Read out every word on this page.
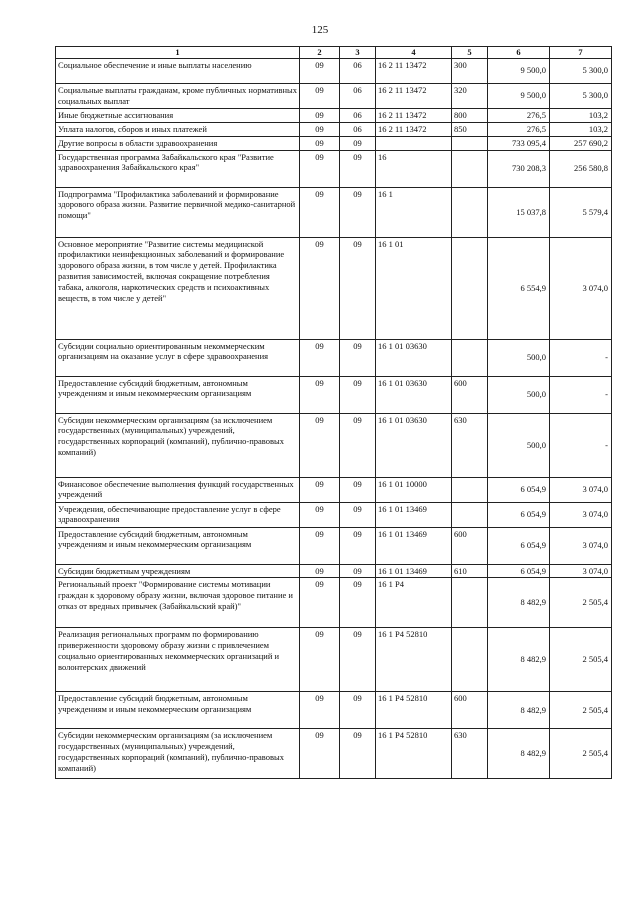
125
1	2	3	4	5	6	7
Социальное обеспечение и иные выплаты населению	09	06	16 2 11 13472	300	9 500,0	5 300,0
Социальные выплаты гражданам, кроме публичных нормативных социальных выплат	09	06	16 2 11 13472	320	9 500,0	5 300,0
Иные бюджетные ассигнования	09	06	16 2 11 13472	800	276,5	103,2
Уплата налогов, сборов и иных платежей	09	06	16 2 11 13472	850	276,5	103,2
Другие вопросы в области здравоохранения	09	09			733 095,4	257 690,2
Государственная программа Забайкальского края "Развитие здравоохранения Забайкальского края"	09	09	16		730 208,3	256 580,8
Подпрограмма "Профилактика заболеваний и формирование здорового образа жизни. Развитие первичной медико-санитарной помощи"	09	09	16 1		15 037,8	5 579,4
Основное мероприятие "Развитие системы медицинской профилактики неинфекционных заболеваний и формирование здорового образа жизни, в том числе у детей. Профилактика развития зависимостей, включая сокращение потребления табака, алкоголя, наркотических средств и психоактивных веществ, в том числе у детей"	09	09	16 1 01		6 554,9	3 074,0
Субсидии социально ориентированным некоммерческим организациям на оказание услуг в сфере здравоохранения	09	09	16 1 01 03630		500,0	-
Предоставление субсидий бюджетным, автономным учреждениям и иным некоммерческим организациям	09	09	16 1 01 03630	600	500,0	-
Субсидии некоммерческим организациям (за исключением государственных (муниципальных) учреждений, государственных корпораций (компаний), публично-правовых компаний)	09	09	16 1 01 03630	630	500,0	-
Финансовое обеспечение выполнения функций государственных учреждений	09	09	16 1 01 10000		6 054,9	3 074,0
Учреждения, обеспечивающие предоставление услуг в сфере здравоохранения	09	09	16 1 01 13469		6 054,9	3 074,0
Предоставление субсидий бюджетным, автономным учреждениям и иным некоммерческим организациям	09	09	16 1 01 13469	600	6 054,9	3 074,0
Субсидии бюджетным учреждениям	09	09	16 1 01 13469	610	6 054,9	3 074,0
Региональный проект "Формирование системы мотивации граждан к здоровому образу жизни, включая здоровое питание и отказ от вредных привычек (Забайкальский край)"	09	09	16 1 P4		8 482,9	2 505,4
Реализация региональных программ по формированию приверженности здоровому образу жизни с привлечением социально ориентированных некоммерческих организаций и волонтерских движений	09	09	16 1 P4 52810		8 482,9	2 505,4
Предоставление субсидий бюджетным, автономным учреждениям и иным некоммерческим организациям	09	09	16 1 P4 52810	600	8 482,9	2 505,4
Субсидии некоммерческим организациям (за исключением государственных (муниципальных) учреждений, государственных корпораций (компаний), публично-правовых компаний)	09	09	16 1 P4 52810	630	8 482,9	2 505,4
